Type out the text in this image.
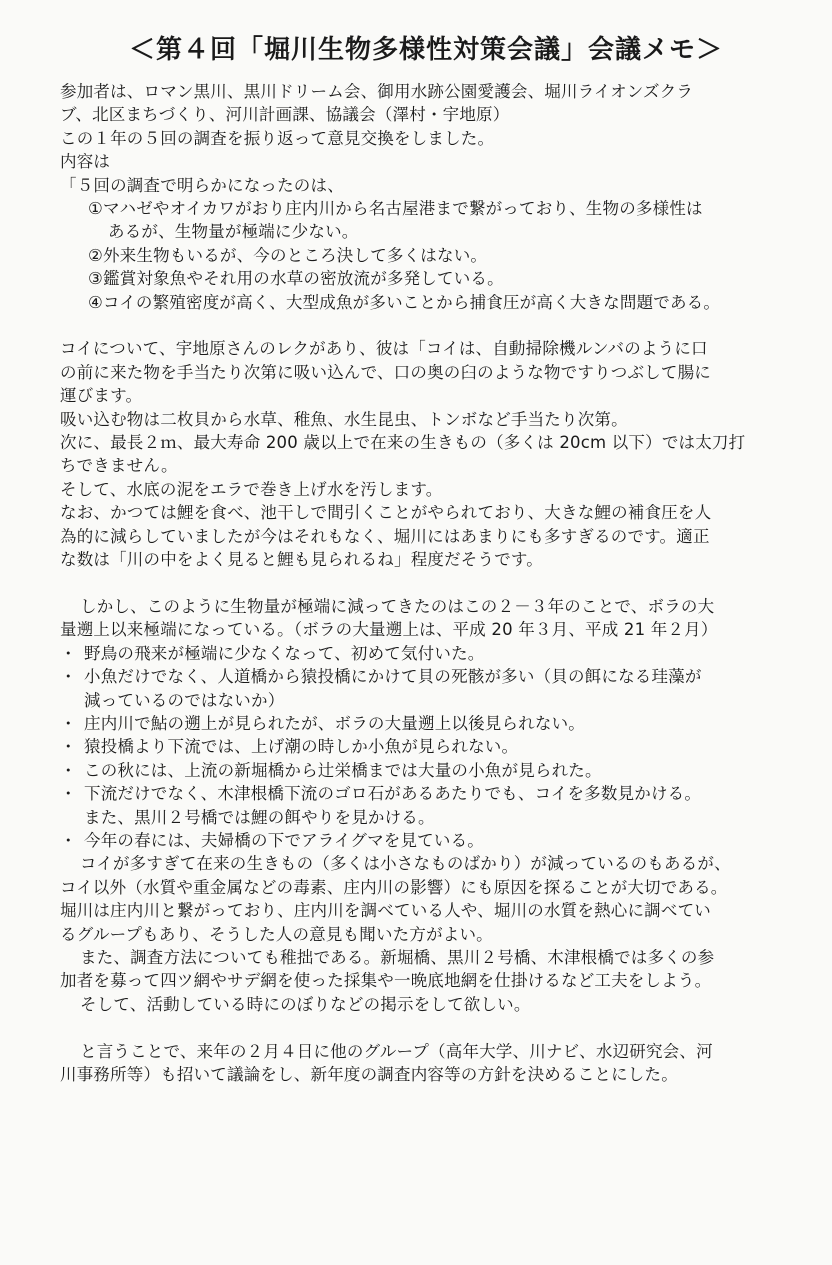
＜第４回「堀川生物多様性対策会議」会議メモ＞
参加者は、ロマン黒川、黒川ドリーム会、御用水跡公園愛護会、堀川ライオンズクラ
ブ、北区まちづくり、河川計画課、協議会（澤村・宇地原）
この１年の５回の調査を振り返って意見交換をしました。
内容は
「５回の調査で明らかになったのは、
①マハゼやオイカワがおり庄内川から名古屋港まで繋がっており、生物の多様性は
あるが、生物量が極端に少ない。
②外来生物もいるが、今のところ決して多くはない。
③鑑賞対象魚やそれ用の水草の密放流が多発している。
④コイの繁殖密度が高く、大型成魚が多いことから捕食圧が高く大きな問題である。
コイについて、宇地原さんのレクがあり、彼は「コイは、自動掃除機ルンバのように口
の前に来た物を手当たり次第に吸い込んで、口の奥の臼のような物ですりつぶして腸に
運びます。
吸い込む物は二枚貝から水草、稚魚、水生昆虫、トンボなど手当たり次第。
次に、最長２ｍ、最大寿命 200 歳以上で在来の生きもの（多くは 20cm 以下）では太刀打
ちできません。
そして、水底の泥をエラで巻き上げ水を汚します。
なお、かつては鯉を食べ、池干しで間引くことがやられており、大きな鯉の補食圧を人
為的に減らしていましたが今はそれもなく、堀川にはあまりにも多すぎるのです。適正
な数は「川の中をよく見ると鯉も見られるね」程度だそうです。
しかし、このように生物量が極端に減ってきたのはこの２－３年のことで、ボラの大
量遡上以来極端になっている。（ボラの大量遡上は、平成 20 年３月、平成 21 年２月）
・ 野鳥の飛来が極端に少なくなって、初めて気付いた。
・ 小魚だけでなく、人道橋から猿投橋にかけて貝の死骸が多い（貝の餌になる珪藻が
減っているのではないか）
・ 庄内川で鮎の遡上が見られたが、ボラの大量遡上以後見られない。
・ 猿投橋より下流では、上げ潮の時しか小魚が見られない。
・ この秋には、上流の新堀橋から辻栄橋までは大量の小魚が見られた。
・ 下流だけでなく、木津根橋下流のゴロ石があるあたりでも、コイを多数見かける。
また、黒川２号橋では鯉の餌やりを見かける。
・ 今年の春には、夫婦橋の下でアライグマを見ている。
コイが多すぎて在来の生きもの（多くは小さなものばかり）が減っているのもあるが、
コイ以外（水質や重金属などの毒素、庄内川の影響）にも原因を探ることが大切である。
堀川は庄内川と繋がっており、庄内川を調べている人や、堀川の水質を熱心に調べてい
るグループもあり、そうした人の意見も聞いた方がよい。
また、調査方法についても稚拙である。新堀橋、黒川２号橋、木津根橋では多くの参
加者を募って四ツ網やサデ網を使った採集や一晩底地網を仕掛けるなど工夫をしよう。
そして、活動している時にのぼりなどの掲示をして欲しい。
と言うことで、来年の２月４日に他のグループ（高年大学、川ナビ、水辺研究会、河
川事務所等）も招いて議論をし、新年度の調査内容等の方針を決めることにした。
